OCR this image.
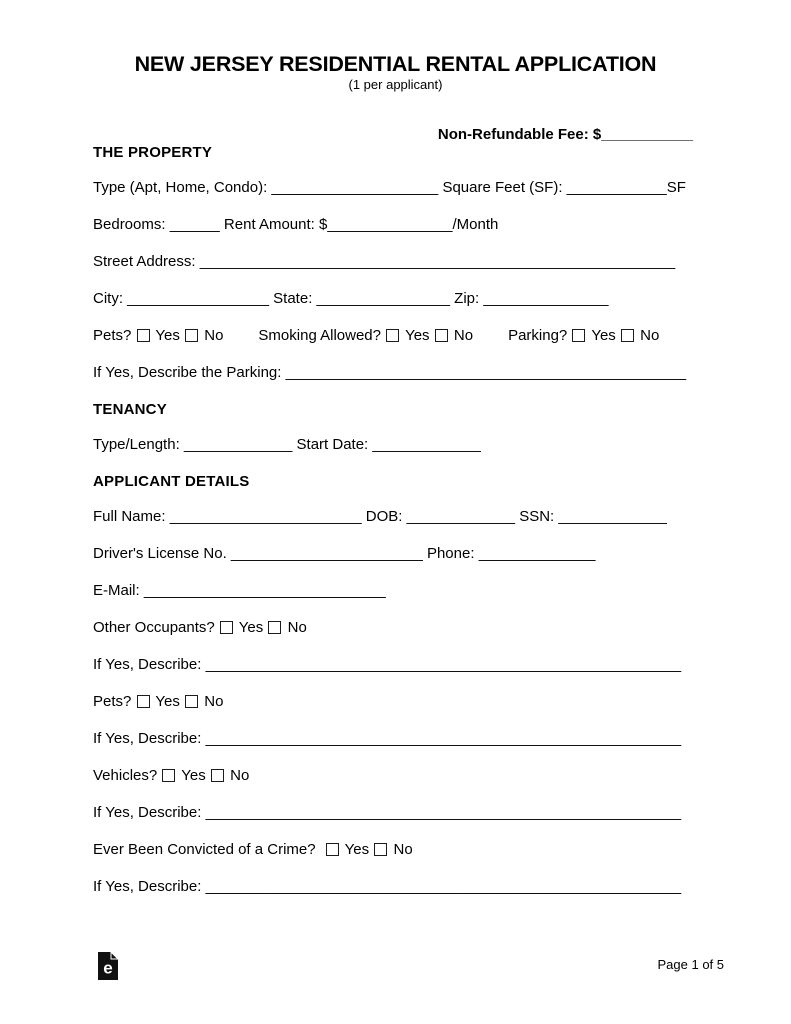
NEW JERSEY RESIDENTIAL RENTAL APPLICATION
(1 per applicant)
Non-Refundable Fee: $___________
THE PROPERTY
Type (Apt, Home, Condo): ____________________ Square Feet (SF): ____________SF
Bedrooms: ______ Rent Amount: $_______________/Month
Street Address: _________________________________________________________
City: _________________ State: ________________ Zip: _______________
Pets?  Yes  No Smoking Allowed?  Yes  No Parking?  Yes  No
If Yes, Describe the Parking: ________________________________________________
TENANCY
Type/Length: _____________ Start Date: _____________
APPLICANT DETAILS
Full Name: _______________________ DOB: _____________ SSN: _____________
Driver's License No. _______________________ Phone: ______________
E-Mail: _____________________________
Other Occupants?  Yes  No
If Yes, Describe: _________________________________________________________
Pets?  Yes  No
If Yes, Describe: _________________________________________________________
Vehicles?  Yes  No
If Yes, Describe: _________________________________________________________
Ever Been Convicted of a Crime?  Yes  No
If Yes, Describe: _________________________________________________________
e	Page 1 of 5
